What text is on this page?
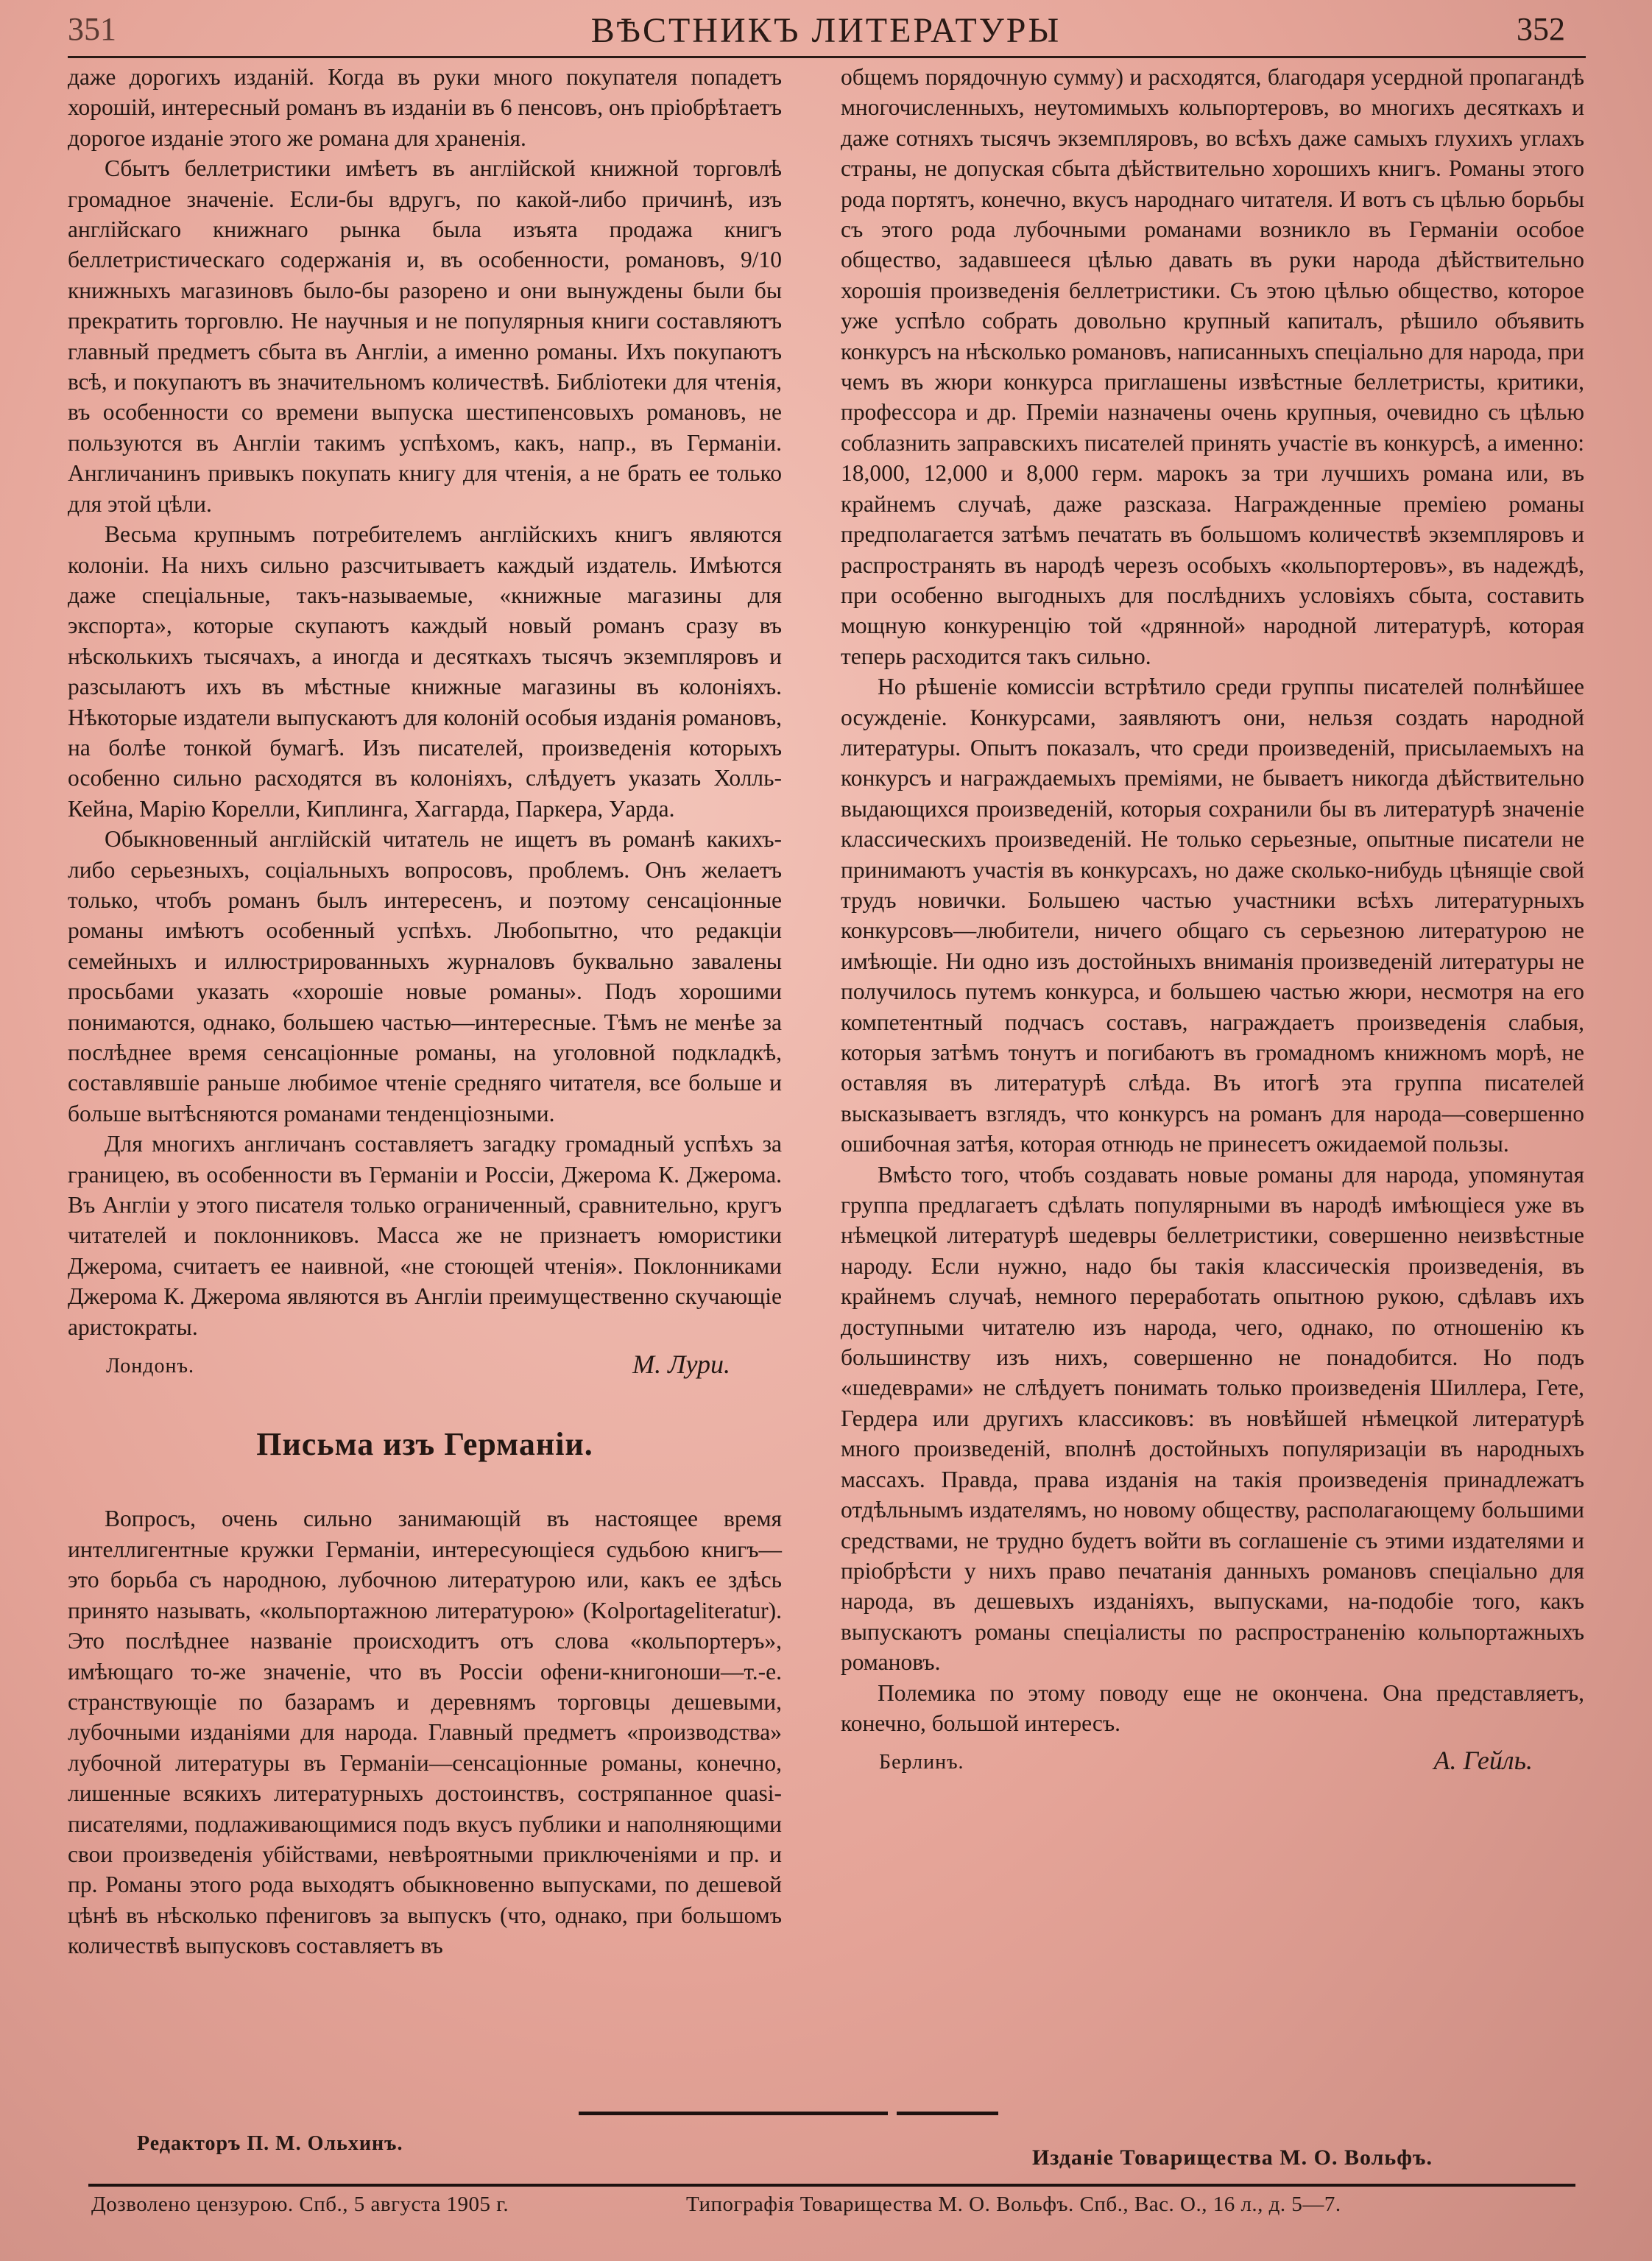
351	ВѢСТНИКЪ ЛИТЕРАТУРЫ	352

даже дорогихъ изданій. Когда въ руки много покупателя попадетъ хорошій, интересный романъ въ изданіи въ 6 пенсовъ, онъ пріобрѣтаетъ дорогое изданіе этого же романа для храненія.

Сбытъ беллетристики имѣетъ въ англійской книжной торговлѣ громадное значеніе. Если-бы вдругъ, по какой-либо причинѣ, изъ англійскаго книжнаго рынка была изъята продажа книгъ беллетристическаго содержанія и, въ особенности, романовъ, 9/10 книжныхъ магазиновъ было-бы разорено и они вынуждены были бы прекратить торговлю. Не научныя и не популярныя книги составляютъ главный предметъ сбыта въ Англіи, а именно романы. Ихъ покупаютъ всѣ, и покупаютъ въ значительномъ количествѣ. Библіотеки для чтенія, въ особенности со времени выпуска шестипенсовыхъ романовъ, не пользуются въ Англіи такимъ успѣхомъ, какъ, напр., въ Германіи. Англичанинъ привыкъ покупать книгу для чтенія, а не брать ее только для этой цѣли.

Весьма крупнымъ потребителемъ англійскихъ книгъ являются колоніи. На нихъ сильно разсчитываетъ каждый издатель. Имѣются даже спеціальные, такъ-называемые, «книжные магазины для экспорта», которые скупаютъ каждый новый романъ сразу въ нѣсколькихъ тысячахъ, а иногда и десяткахъ тысячъ экземпляровъ и разсылаютъ ихъ въ мѣстные книжные магазины въ колоніяхъ. Нѣкоторые издатели выпускаютъ для колоній особыя изданія романовъ, на болѣе тонкой бумагѣ. Изъ писателей, произведенія которыхъ особенно сильно расходятся въ колоніяхъ, слѣдуетъ указать Холль-Кейна, Марію Корелли, Киплинга, Хаггарда, Паркера, Уарда.

Обыкновенный англійскій читатель не ищетъ въ романѣ какихъ-либо серьезныхъ, соціальныхъ вопросовъ, проблемъ. Онъ желаетъ только, чтобъ романъ былъ интересенъ, и поэтому сенсаціонные романы имѣютъ особенный успѣхъ. Любопытно, что редакціи семейныхъ и иллюстрированныхъ журналовъ буквально завалены просьбами указать «хорошіе новые романы». Подъ хорошими понимаются, однако, большею частью—интересные. Тѣмъ не менѣе за послѣднее время сенсаціонные романы, на уголовной подкладкѣ, составлявшіе раньше любимое чтеніе средняго читателя, все больше и больше вытѣсняются романами тенденціозными.

Для многихъ англичанъ составляетъ загадку громадный успѣхъ за границею, въ особенности въ Германіи и Россіи, Джерома К. Джерома. Въ Англіи у этого писателя только ограниченный, сравнительно, кругъ читателей и поклонниковъ. Масса же не признаетъ юмористики Джерома, считаетъ ее наивной, «не стоющей чтенія». Поклонниками Джерома К. Джерома являются въ Англіи преимущественно скучающіе аристократы.

Лондонъ.	М. Лури.
Письма изъ Германіи.

Вопросъ, очень сильно занимающій въ настоящее время интеллигентные кружки Германіи, интересующіеся судьбою книгъ—это борьба съ народною, лубочною литературою или, какъ ее здѣсь принято называть, «кольпортажною литературою» (Kolportageliteratur). Это послѣднее названіе происходитъ отъ слова «кольпортеръ», имѣющаго то-же значеніе, что въ Россіи офени-книгоноши—т.-е. странствующіе по базарамъ и деревнямъ торговцы дешевыми, лубочными изданіями для народа. Главный предметъ «производства» лубочной литературы въ Германіи—сенсаціонные романы, конечно, лишенные всякихъ литературныхъ достоинствъ, состряпанное quasi-писателями, подлаживающимися подъ вкусъ публики и наполняющими свои произведенія убійствами, невѣроятными приключеніями и пр. и пр. Романы этого рода выходятъ обыкновенно выпусками, по дешевой цѣнѣ въ нѣсколько пфениговъ за выпускъ (что, однако, при большомъ количествѣ выпусковъ составляетъ въ

общемъ порядочную сумму) и расходятся, благодаря усердной пропагандѣ многочисленныхъ, неутомимыхъ кольпортеровъ, во многихъ десяткахъ и даже сотняхъ тысячъ экземпляровъ, во всѣхъ даже самыхъ глухихъ углахъ страны, не допуская сбыта дѣйствительно хорошихъ книгъ. Романы этого рода портятъ, конечно, вкусъ народнаго читателя. И вотъ съ цѣлью борьбы съ этого рода лубочными романами возникло въ Германіи особое общество, задавшееся цѣлью давать въ руки народа дѣйствительно хорошія произведенія беллетристики. Съ этою цѣлью общество, которое уже успѣло собрать довольно крупный капиталъ, рѣшило объявить конкурсъ на нѣсколько романовъ, написанныхъ спеціально для народа, при чемъ въ жюри конкурса приглашены извѣстные беллетристы, критики, профессора и др. Преміи назначены очень крупныя, очевидно съ цѣлью соблазнить заправскихъ писателей принять участіе въ конкурсѣ, а именно: 18,000, 12,000 и 8,000 герм. марокъ за три лучшихъ романа или, въ крайнемъ случаѣ, даже разсказа. Награжденные преміею романы предполагается затѣмъ печатать въ большомъ количествѣ экземпляровъ и распространять въ народѣ черезъ особыхъ «кольпортеровъ», въ надеждѣ, при особенно выгодныхъ для послѣднихъ условіяхъ сбыта, составить мощную конкуренцію той «дрянной» народной литературѣ, которая теперь расходится такъ сильно.

Но рѣшеніе комиссіи встрѣтило среди группы писателей полнѣйшее осужденіе. Конкурсами, заявляютъ они, нельзя создать народной литературы. Опытъ показалъ, что среди произведеній, присылаемыхъ на конкурсъ и награждаемыхъ преміями, не бываетъ никогда дѣйствительно выдающихся произведеній, которыя сохранили бы въ литературѣ значеніе классическихъ произведеній. Не только серьезные, опытные писатели не принимаютъ участія въ конкурсахъ, но даже сколько-нибудь цѣнящіе свой трудъ новички. Большею частью участники всѣхъ литературныхъ конкурсовъ—любители, ничего общаго съ серьезною литературою не имѣющіе. Ни одно изъ достойныхъ вниманія произведеній литературы не получилось путемъ конкурса, и большею частью жюри, несмотря на его компетентный подчасъ составъ, награждаетъ произведенія слабыя, которыя затѣмъ тонутъ и погибаютъ въ громадномъ книжномъ морѣ, не оставляя въ литературѣ слѣда. Въ итогѣ эта группа писателей высказываетъ взглядъ, что конкурсъ на романъ для народа—совершенно ошибочная затѣя, которая отнюдь не принесетъ ожидаемой пользы.

Вмѣсто того, чтобъ создавать новые романы для народа, упомянутая группа предлагаетъ сдѣлать популярными въ народѣ имѣющіеся уже въ нѣмецкой литературѣ шедевры беллетристики, совершенно неизвѣстные народу. Если нужно, надо бы такія классическія произведенія, въ крайнемъ случаѣ, немного переработать опытною рукою, сдѣлавъ ихъ доступными читателю изъ народа, чего, однако, по отношенію къ большинству изъ нихъ, совершенно не понадобится. Но подъ «шедеврами» не слѣдуетъ понимать только произведенія Шиллера, Гете, Гердера или другихъ классиковъ: въ новѣйшей нѣмецкой литературѣ много произведеній, вполнѣ достойныхъ популяризаціи въ народныхъ массахъ. Правда, права изданія на такія произведенія принадлежатъ отдѣльнымъ издателямъ, но новому обществу, располагающему большими средствами, не трудно будетъ войти въ соглашеніе съ этими издателями и пріобрѣсти у нихъ право печатанія данныхъ романовъ спеціально для народа, въ дешевыхъ изданіяхъ, выпусками, на-подобіе того, какъ выпускаютъ романы спеціалисты по распространенію кольпортажныхъ романовъ.

Полемика по этому поводу еще не окончена. Она представляетъ, конечно, большой интересъ.

Берлинъ.	А. Гейль.
Редакторъ П. М. Ольхинъ.
Изданіе Товарищества М. О. Вольфъ.
Дозволено цензурою. Спб., 5 августа 1905 г.	Типографія Товарищества М. О. Вольфъ. Спб., Вас. О., 16 л., д. 5—7.
